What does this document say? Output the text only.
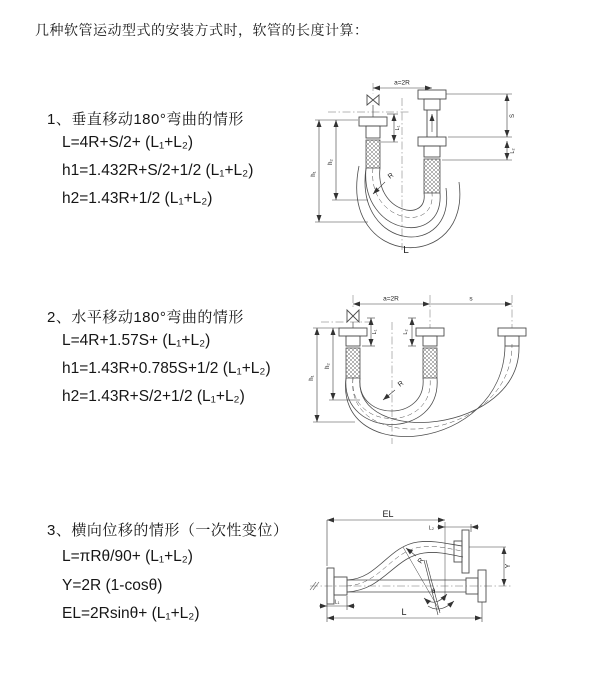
几种软管运动型式的安装方式时，软管的长度计算：
1、垂直移动180°弯曲的情形
L=4R+S/2+ (L₁+L₂)
h1=1.432R+S/2+1/2 (L₁+L₂)
h2=1.43R+1/2 (L₁+L₂)
2、水平移动180°弯曲的情形
L=4R+1.57S+ (L₁+L₂)
h1=1.43R+0.785S+1/2 (L₁+L₂)
h2=1.43R+S/2+1/2 (L₁+L₂)
3、横向位移的情形（一次性变位）
L=πRθ/90+ (L₁+L₂)
Y=2R (1-cosθ)
EL=2Rsinθ+ (L₁+L₂)
a=2R
h₁
h₂
L₁
S
L₂
R
L
a=2R	s
L₁	L₂
h₁
h₂
R
EL
L₂
Y
R
θ
L₁
L
